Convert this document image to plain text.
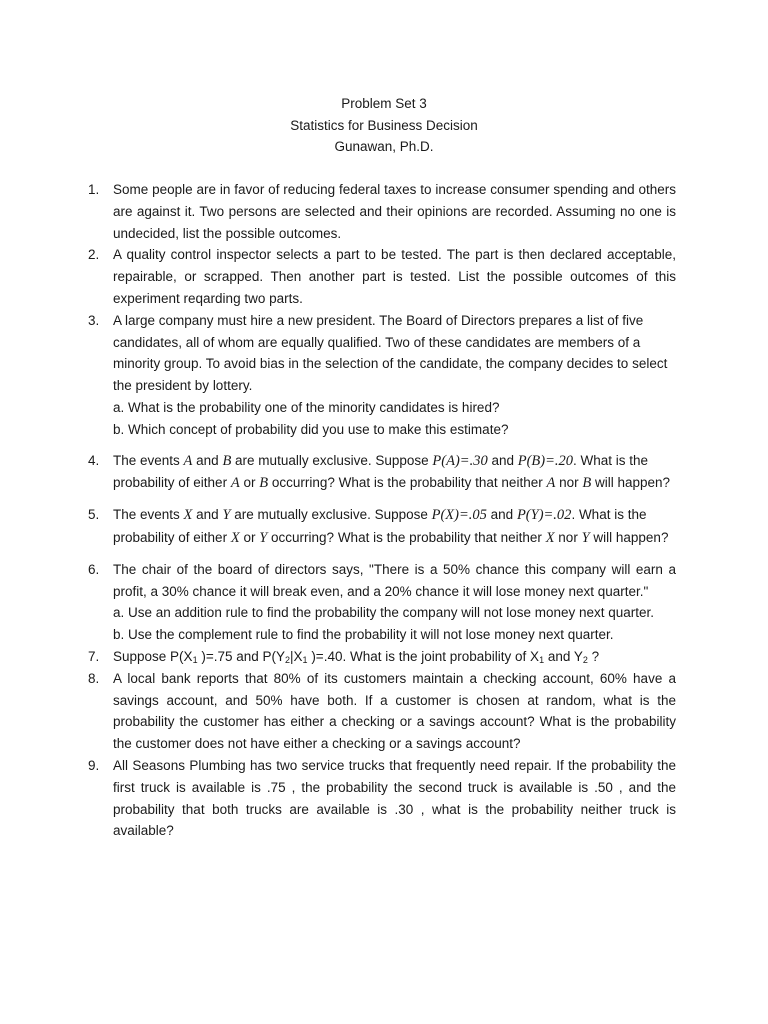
Problem Set 3
Statistics for Business Decision
Gunawan, Ph.D.
1. Some people are in favor of reducing federal taxes to increase consumer spending and others are against it. Two persons are selected and their opinions are recorded. Assuming no one is undecided, list the possible outcomes.

2. A quality control inspector selects a part to be tested. The part is then declared acceptable, repairable, or scrapped. Then another part is tested. List the possible outcomes of this experiment reqarding two parts.

3. A large company must hire a new president. The Board of Directors prepares a list of five candidates, all of whom are equally qualified. Two of these candidates are members of a minority group. To avoid bias in the selection of the candidate, the company decides to select the president by lottery.

a. What is the probability one of the minority candidates is hired?

b. Which concept of probability did you use to make this estimate?

4. The events A and B are mutually exclusive. Suppose P(A)=.30 and P(B)=.20. What is the probability of either A or B occurring? What is the probability that neither A nor B will happen?

5. The events X and Y are mutually exclusive. Suppose P(X)=.05 and P(Y)=.02. What is the probability of either X or Y occurring? What is the probability that neither X nor Y will happen?

6. The chair of the board of directors says, "There is a 50% chance this company will earn a profit, a 30% chance it will break even, and a 20% chance it will lose money next quarter."

a. Use an addition rule to find the probability the company will not lose money next quarter.

b. Use the complement rule to find the probability it will not lose money next quarter.

7. Suppose $P(X_1$ )=.75 and $P(Y_2|X_1$ )=.40. What is the joint probability of $X_1$ and $Y_2$ ?

8. A local bank reports that 80% of its customers maintain a checking account, 60% have a savings account, and 50% have both. If a customer is chosen at random, what is the probability the customer has either a checking or a savings account? What is the probability the customer does not have either a checking or a savings account?

9. All Seasons Plumbing has two service trucks that frequently need repair. If the probability the first truck is available is .75 , the probability the second truck is available is .50 , and the probability that both trucks are available is .30 , what is the probability neither truck is available?
